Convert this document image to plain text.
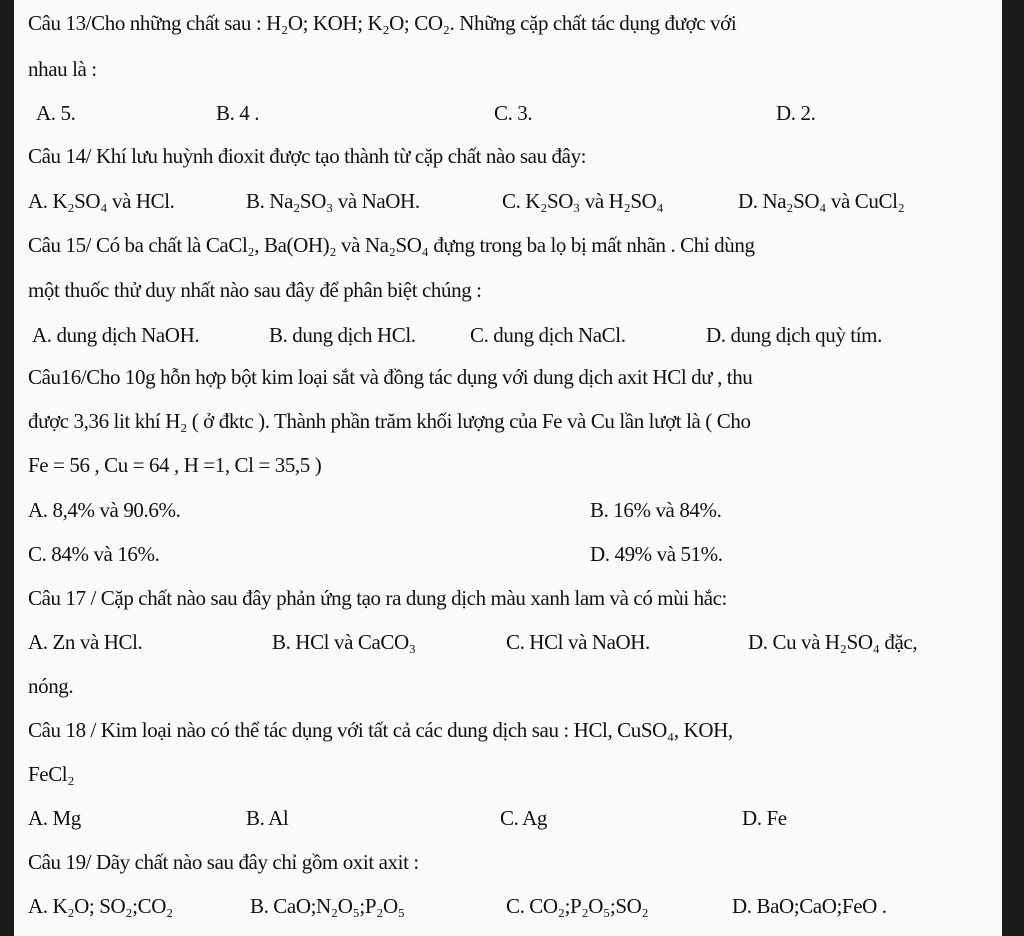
Câu 13/Cho những chất sau : H₂O; KOH; K₂O; CO₂. Những cặp chất tác dụng được với
nhau là :
A. 5.	B. 4 .	C. 3.	D. 2.
Câu 14/ Khí lưu huỳnh đioxit được tạo thành từ cặp chất nào sau đây:
A. K₂SO₄ và HCl.	B. Na₂SO₃ và NaOH.	C. K₂SO₃ và H₂SO₄	D. Na₂SO₄ và CuCl₂
Câu 15/ Có ba chất là CaCl₂, Ba(OH)₂ và Na₂SO₄ đựng trong ba lọ bị mất nhãn . Chỉ dùng
một thuốc thử duy nhất nào sau đây để phân biệt chúng :
A. dung dịch NaOH.	B. dung dịch HCl.	C. dung dịch NaCl.	D. dung dịch quỳ tím.
Câu16/Cho 10g hỗn hợp bột kim loại sắt và đồng tác dụng với dung dịch axit HCl dư , thu
được 3,36 lit khí H₂ ( ở đktc ). Thành phần trăm khối lượng của Fe và Cu lần lượt là ( Cho
Fe = 56 , Cu = 64 , H =1, Cl = 35,5 )
A. 8,4% và 90.6%.	B. 16% và 84%.
C. 84% và 16%.	D. 49% và 51%.
Câu 17 / Cặp chất nào sau đây phản ứng tạo ra dung dịch màu xanh lam và có mùi hắc:
A. Zn và HCl.	B. HCl và CaCO₃	C. HCl và NaOH.	D. Cu và H₂SO₄ đặc,
nóng.
Câu 18 / Kim loại nào có thể tác dụng với tất cả các dung dịch sau : HCl, CuSO₄, KOH,
FeCl₂
A. Mg	B. Al	C. Ag	D. Fe
Câu 19/ Dãy chất nào sau đây chỉ gồm oxit axit :
A. K₂O; SO₂;CO₂	B. CaO;N₂O₅;P₂O₅	C. CO₂;P₂O₅;SO₂	D. BaO;CaO;FeO .
